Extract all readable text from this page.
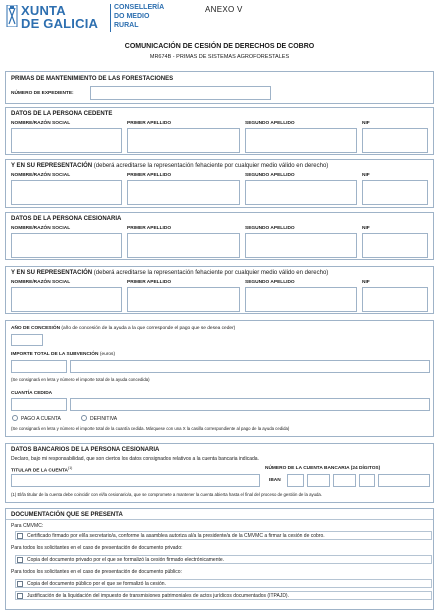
XUNTA
DE GALICIA
CONSELLERÍA
DO MEDIO
RURAL
ANEXO V
COMUNICACIÓN DE CESIÓN DE DERECHOS DE COBRO
MR674B - PRIMAS DE SISTEMAS AGROFORESTALES
PRIMAS DE MANTENIMIENTO DE LAS FORESTACIONES
NÚMERO DE EXPEDIENTE:
DATOS DE LA PERSONA CEDENTE
NOMBRE/RAZÓN SOCIAL	PRIMER APELLIDO	SEGUNDO APELLIDO	NIF
Y EN SU REPRESENTACIÓN (deberá acreditarse la representación fehaciente por cualquier medio válido en derecho)
NOMBRE/RAZÓN SOCIAL	PRIMER APELLIDO	SEGUNDO APELLIDO	NIF
DATOS DE LA PERSONA CESIONARIA
NOMBRE/RAZÓN SOCIAL	PRIMER APELLIDO	SEGUNDO APELLIDO	NIF
Y EN SU REPRESENTACIÓN (deberá acreditarse la representación fehaciente por cualquier medio válido en derecho)
NOMBRE/RAZÓN SOCIAL	PRIMER APELLIDO	SEGUNDO APELLIDO	NIF
AÑO DE CONCESIÓN (año de concesión de la ayuda a la que corresponde el pago que se desea ceder)
IMPORTE TOTAL DE LA SUBVENCIÓN (euros)
(Se consignará en letra y número el importe total de la ayuda concedida)
CUANTÍA CEDIDA
PAGO A CUENTA	DEFINITIVA
(Se consignará en letra y número el importe total de la cuantía cedida. Márquese con una X la casilla correspondiente al pago de la ayuda cedida)
DATOS BANCARIOS DE LA PERSONA CESIONARIA
Declaro, bajo mi responsabilidad, que son ciertos los datos consignados relativos a la cuenta bancaria indicada.
TITULAR DE LA CUENTA$^{(1)}$	NÚMERO DE LA CUENTA BANCARIA (24 DÍGITOS)
IBAN
(1) El/la titular de la cuenta debe coincidir con el/la cesionario/a, que se compromete a mantener la cuenta abierta hasta el final del proceso de gestión de la ayuda.
DOCUMENTACIÓN QUE SE PRESENTA
Para CMVMC:
Certificado firmado por el/la secretario/a, conforme la asamblea autoriza al/a la presidente/a de la CMVMC a firmar la cesión de cobro.
Para todos los solicitantes en el caso de presentación de documento privado:
Copia del documento privado por el que se formalizó la cesión firmado electrónicamente.
Para todos los solicitantes en el caso de presentación de documento público:
Copia del documento público por el que se formalizó la cesión.
Justificación de la liquidación del impuesto de transmisiones patrimoniales de actos jurídicos documentados (ITPAJD).
